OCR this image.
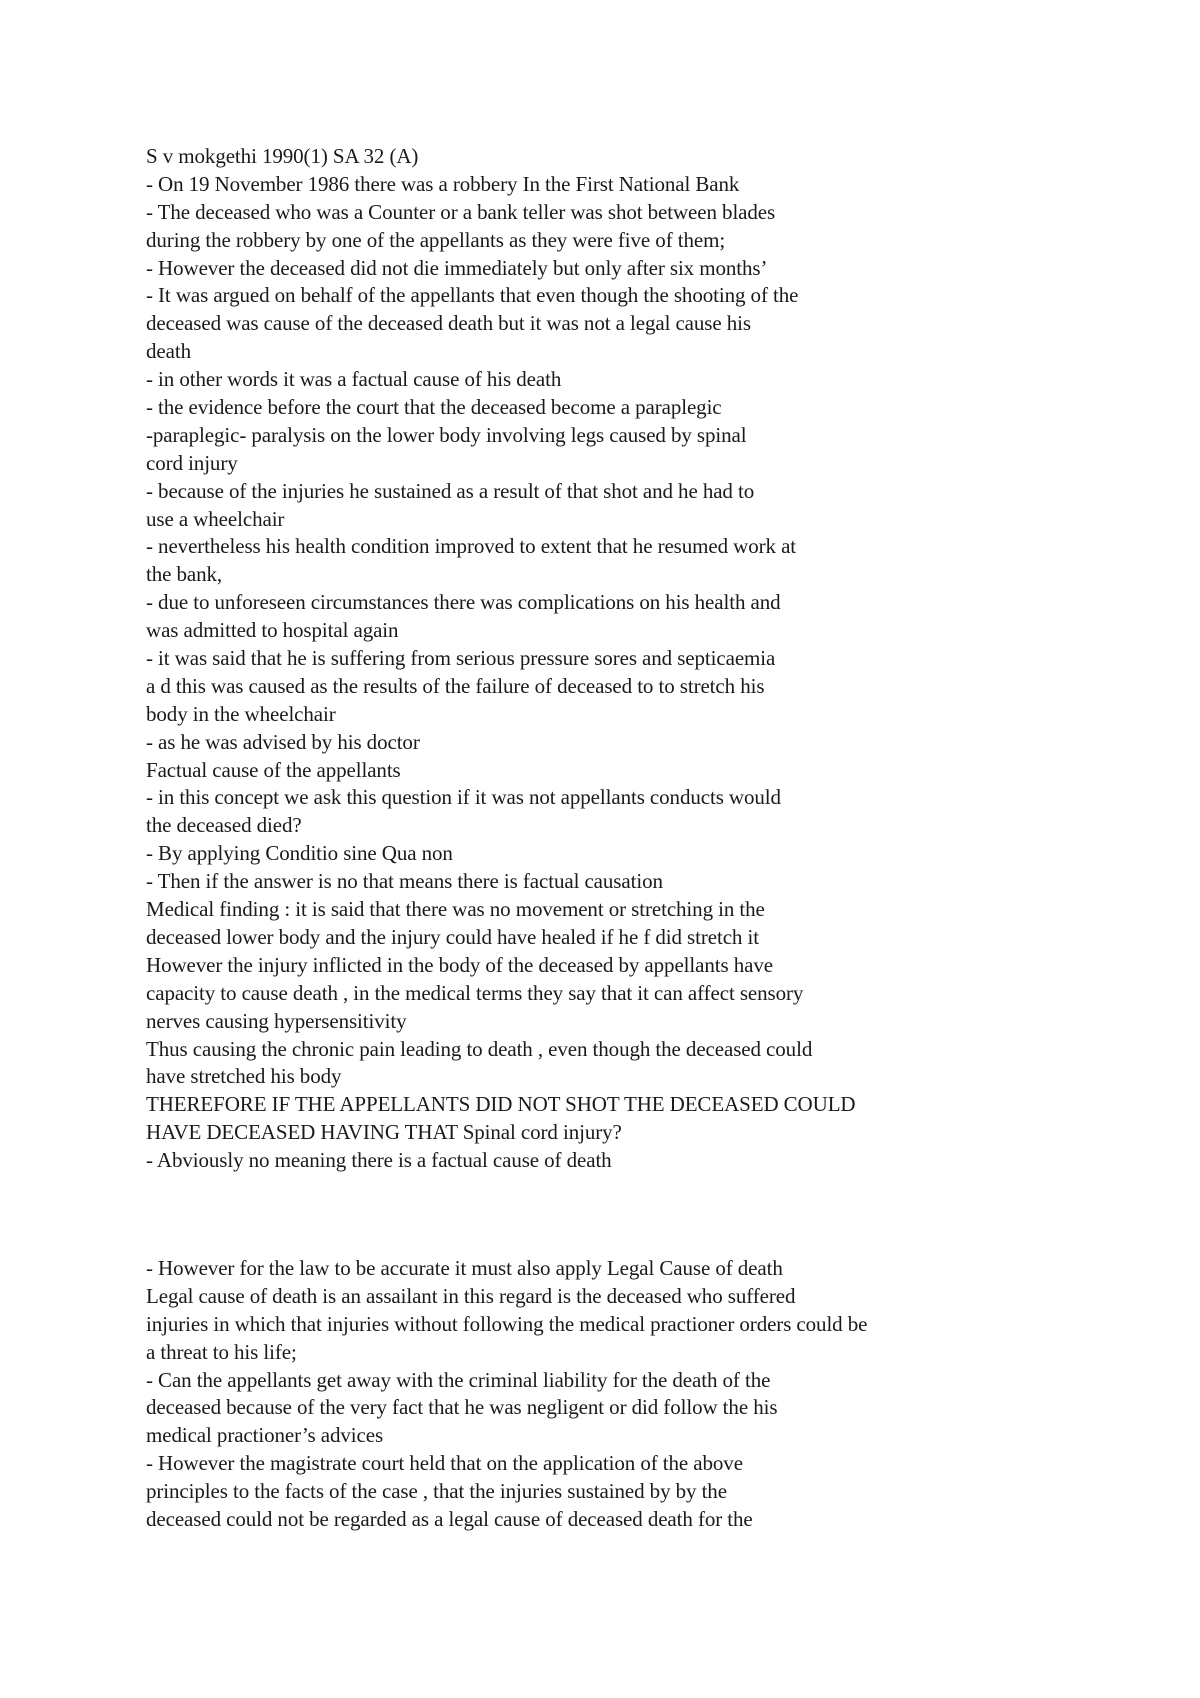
S v mokgethi 1990(1) SA 32 (A)
- On 19 November 1986 there was a robbery In the First National Bank
- The deceased who was a Counter or a bank teller was shot between blades
during the robbery by one of the appellants as they were five of them;
- However the deceased did not die immediately but only after six months’
- It was argued on behalf of the appellants that even though the shooting of the
deceased was cause of the deceased death but it was not a legal cause his
death
- in other words it was a factual cause of his death
- the evidence before the court that the deceased become a paraplegic
-paraplegic- paralysis on the lower body involving legs caused by spinal
cord injury
- because of the injuries he sustained as a result of that shot and he had to
use a wheelchair
- nevertheless his health condition improved to extent that he resumed work at
the bank,
- due to unforeseen circumstances there was complications on his health and
was admitted to hospital again
- it was said that he is suffering from serious pressure sores and septicaemia
a d this was caused as the results of the failure of deceased to to stretch his
body in the wheelchair
- as he was advised by his doctor
Factual cause of the appellants
- in this concept we ask this question if it was not appellants conducts would
the deceased died?
- By applying Conditio sine Qua non
- Then if the answer is no that means there is factual causation
Medical finding : it is said that there was no movement or stretching in the
deceased lower body and the injury could have healed if he f did stretch it
However the injury inflicted in the body of the deceased by appellants have
capacity to cause death , in the medical terms they say that it can affect sensory
nerves causing hypersensitivity
Thus causing the chronic pain leading to death , even though the deceased could
have stretched his body
THEREFORE IF THE APPELLANTS DID NOT SHOT THE DECEASED COULD
HAVE DECEASED HAVING THAT Spinal cord injury?
- Abviously no meaning there is a factual cause of death
- However for the law to be accurate it must also apply Legal Cause of death
Legal cause of death is an assailant in this regard is the deceased who suffered
injuries in which that injuries without following the medical practioner orders could be
a threat to his life;
- Can the appellants get away with the criminal liability for the death of the
deceased because of the very fact that he was negligent or did follow the his
medical practioner’s advices
- However the magistrate court held that on the application of the above
principles to the facts of the case , that the injuries sustained by by the
deceased could not be regarded as a legal cause of deceased death for the
